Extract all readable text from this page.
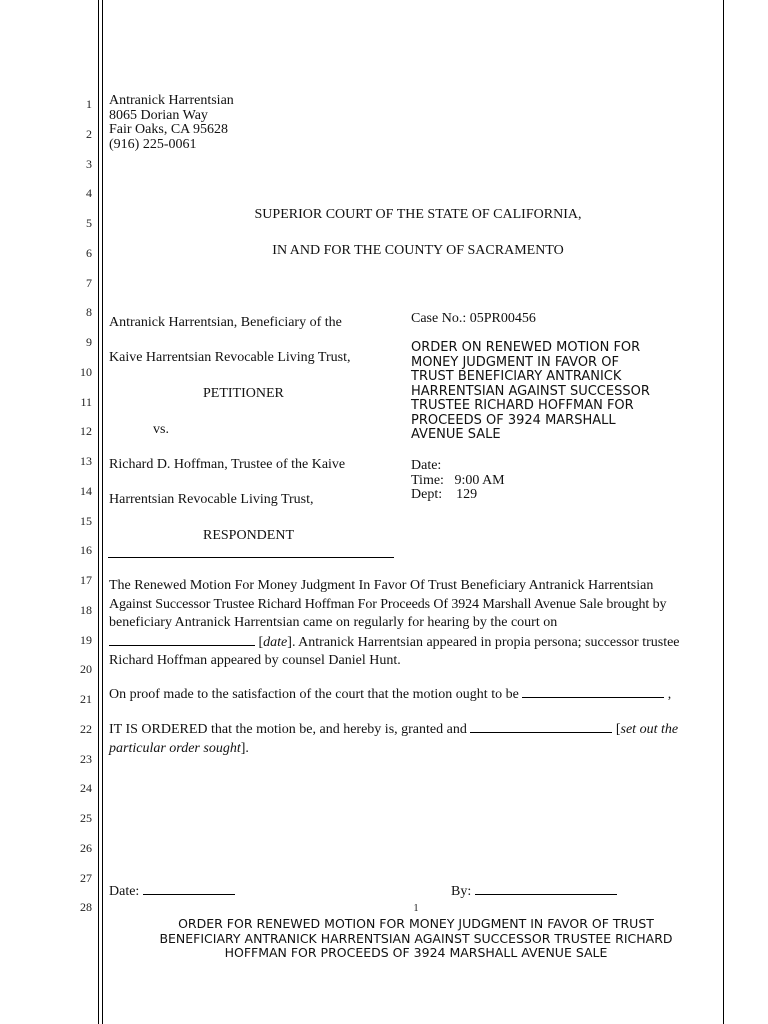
1
2
3
4
5
6
7
8
9
10
11
12
13
14
15
16
17
18
19
20
21
22
23
24
25
26
27
28
Antranick Harrentsian
8065 Dorian Way
Fair Oaks, CA 95628
(916) 225-0061
SUPERIOR COURT OF THE STATE OF CALIFORNIA,
IN AND FOR THE COUNTY OF SACRAMENTO
Antranick Harrentsian, Beneficiary of the
Kaive Harrentsian Revocable Living Trust,
PETITIONER
vs.
Richard D. Hoffman, Trustee of the Kaive
Harrentsian Revocable Living Trust,
RESPONDENT
Case No.: 05PR00456
ORDER ON RENEWED MOTION FOR
MONEY JUDGMENT IN FAVOR OF
TRUST BENEFICIARY ANTRANICK
HARRENTSIAN AGAINST SUCCESSOR
TRUSTEE RICHARD HOFFMAN FOR
PROCEEDS OF 3924 MARSHALL
AVENUE SALE
Date:
Time: 9:00 AM
Dept: 129
The Renewed Motion For Money Judgment In Favor Of Trust Beneficiary Antranick Harrentsian
Against Successor Trustee Richard Hoffman For Proceeds Of 3924 Marshall Avenue Sale brought by
beneficiary Antranick Harrentsian came on regularly for hearing by the court on
[date]. Antranick Harrentsian appeared in propia persona; successor trustee
Richard Hoffman appeared by counsel Daniel Hunt.
On proof made to the satisfaction of the court that the motion ought to be	,
IT IS ORDERED that the motion be, and hereby is, granted and	[set out the
particular order sought].
Date:	By:
1
ORDER FOR RENEWED MOTION FOR MONEY JUDGMENT IN FAVOR OF TRUST
BENEFICIARY ANTRANICK HARRENTSIAN AGAINST SUCCESSOR TRUSTEE RICHARD
HOFFMAN FOR PROCEEDS OF 3924 MARSHALL AVENUE SALE
